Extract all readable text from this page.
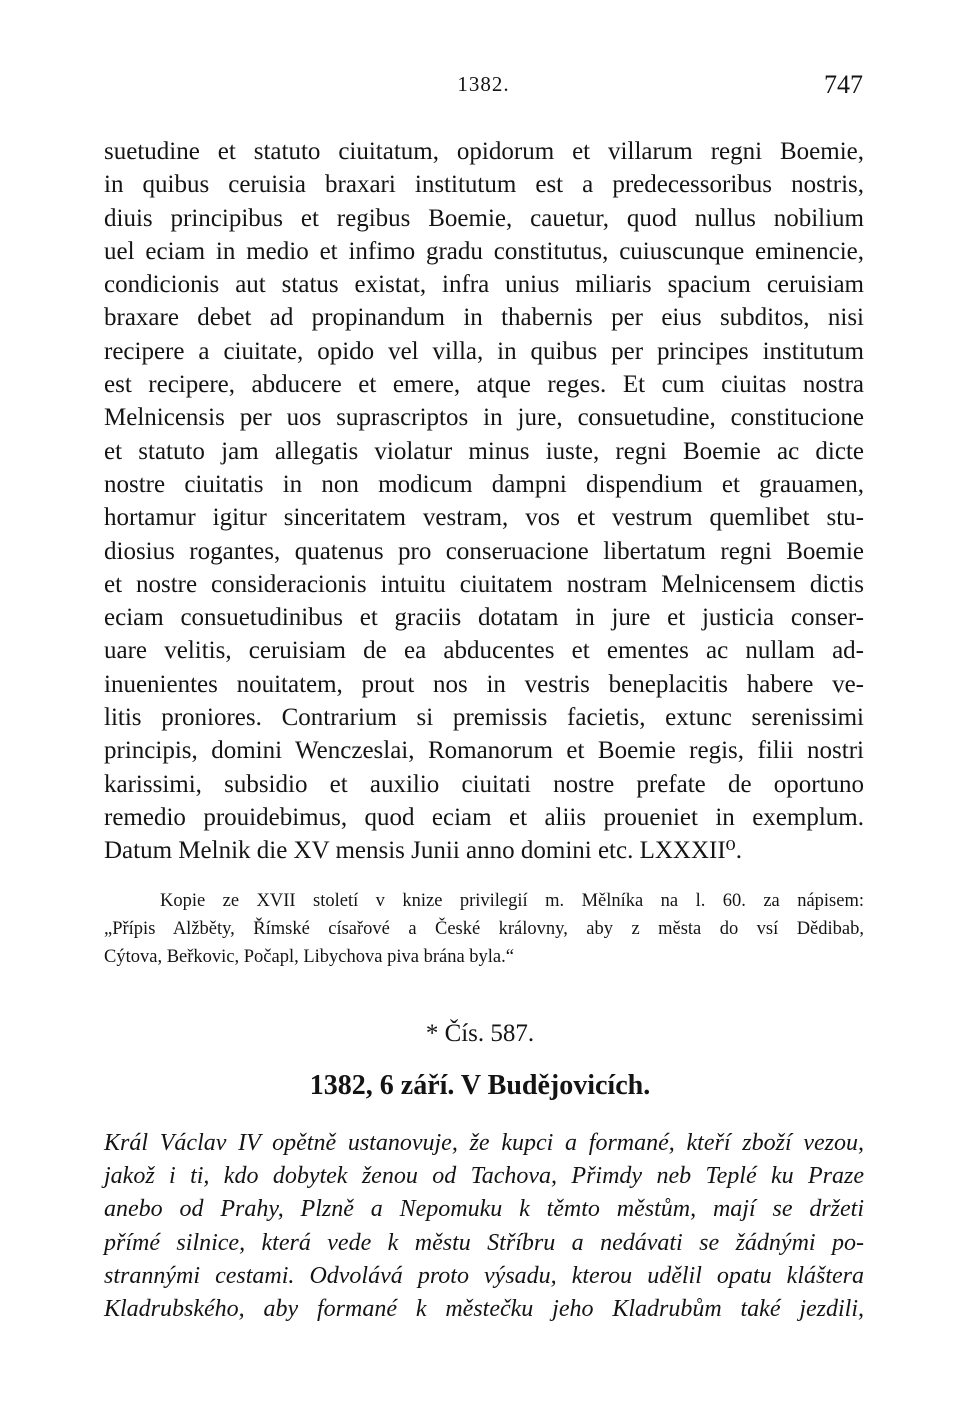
1382.	747
suetudine et statuto ciuitatum, opidorum et villarum regni Boemie,
in quibus ceruisia braxari institutum est a predecessoribus nostris,
diuis principibus et regibus Boemie, cauetur, quod nullus nobilium
uel eciam in medio et infimo gradu constitutus, cuiuscunque eminencie,
condicionis aut status existat, infra unius miliaris spacium ceruisiam
braxare debet ad propinandum in thabernis per eius subditos, nisi
recipere a ciuitate, opido vel villa, in quibus per principes institutum
est recipere, abducere et emere, atque reges. Et cum ciuitas nostra
Melnicensis per uos suprascriptos in jure, consuetudine, constitucione
et statuto jam allegatis violatur minus iuste, regni Boemie ac dicte
nostre ciuitatis in non modicum dampni dispendium et grauamen,
hortamur igitur sinceritatem vestram, vos et vestrum quemlibet stu-
diosius rogantes, quatenus pro conseruacione libertatum regni Boemie
et nostre consideracionis intuitu ciuitatem nostram Melnicensem dictis
eciam consuetudinibus et graciis dotatam in jure et justicia conser-
uare velitis, ceruisiam de ea abducentes et ementes ac nullam ad-
inuenientes nouitatem, prout nos in vestris beneplacitis habere ve-
litis proniores. Contrarium si premissis facietis, extunc serenissimi
principis, domini Wenczeslai, Romanorum et Boemie regis, filii nostri
karissimi, subsidio et auxilio ciuitati nostre prefate de oportuno
remedio prouidebimus, quod eciam et aliis proueniet in exemplum.
Datum Melnik die XV mensis Junii anno domini etc. LXXXII⁰.
Kopie ze XVII století v knize privilegií m. Mělníka na l. 60. za nápisem:
„Přípis Alžběty, Římské císařové a České královny, aby z města do vsí Dědibab,
Cýtova, Beřkovic, Počapl, Libychova piva brána byla.“
* Čís. 587.
1382, 6 září. V Budějovicích.
Král Václav IV opětně ustanovuje, že kupci a formané, kteří zboží vezou,
jakož i ti, kdo dobytek ženou od Tachova, Přimdy neb Teplé ku Praze
anebo od Prahy, Plzně a Nepomuku k těmto městům, mají se držeti
přímé silnice, která vede k městu Stříbru a nedávati se žádnými po-
strannými cestami. Odvolává proto výsadu, kterou udělil opatu kláštera
Kladrubského, aby formané k městečku jeho Kladrubům také jezdili,
